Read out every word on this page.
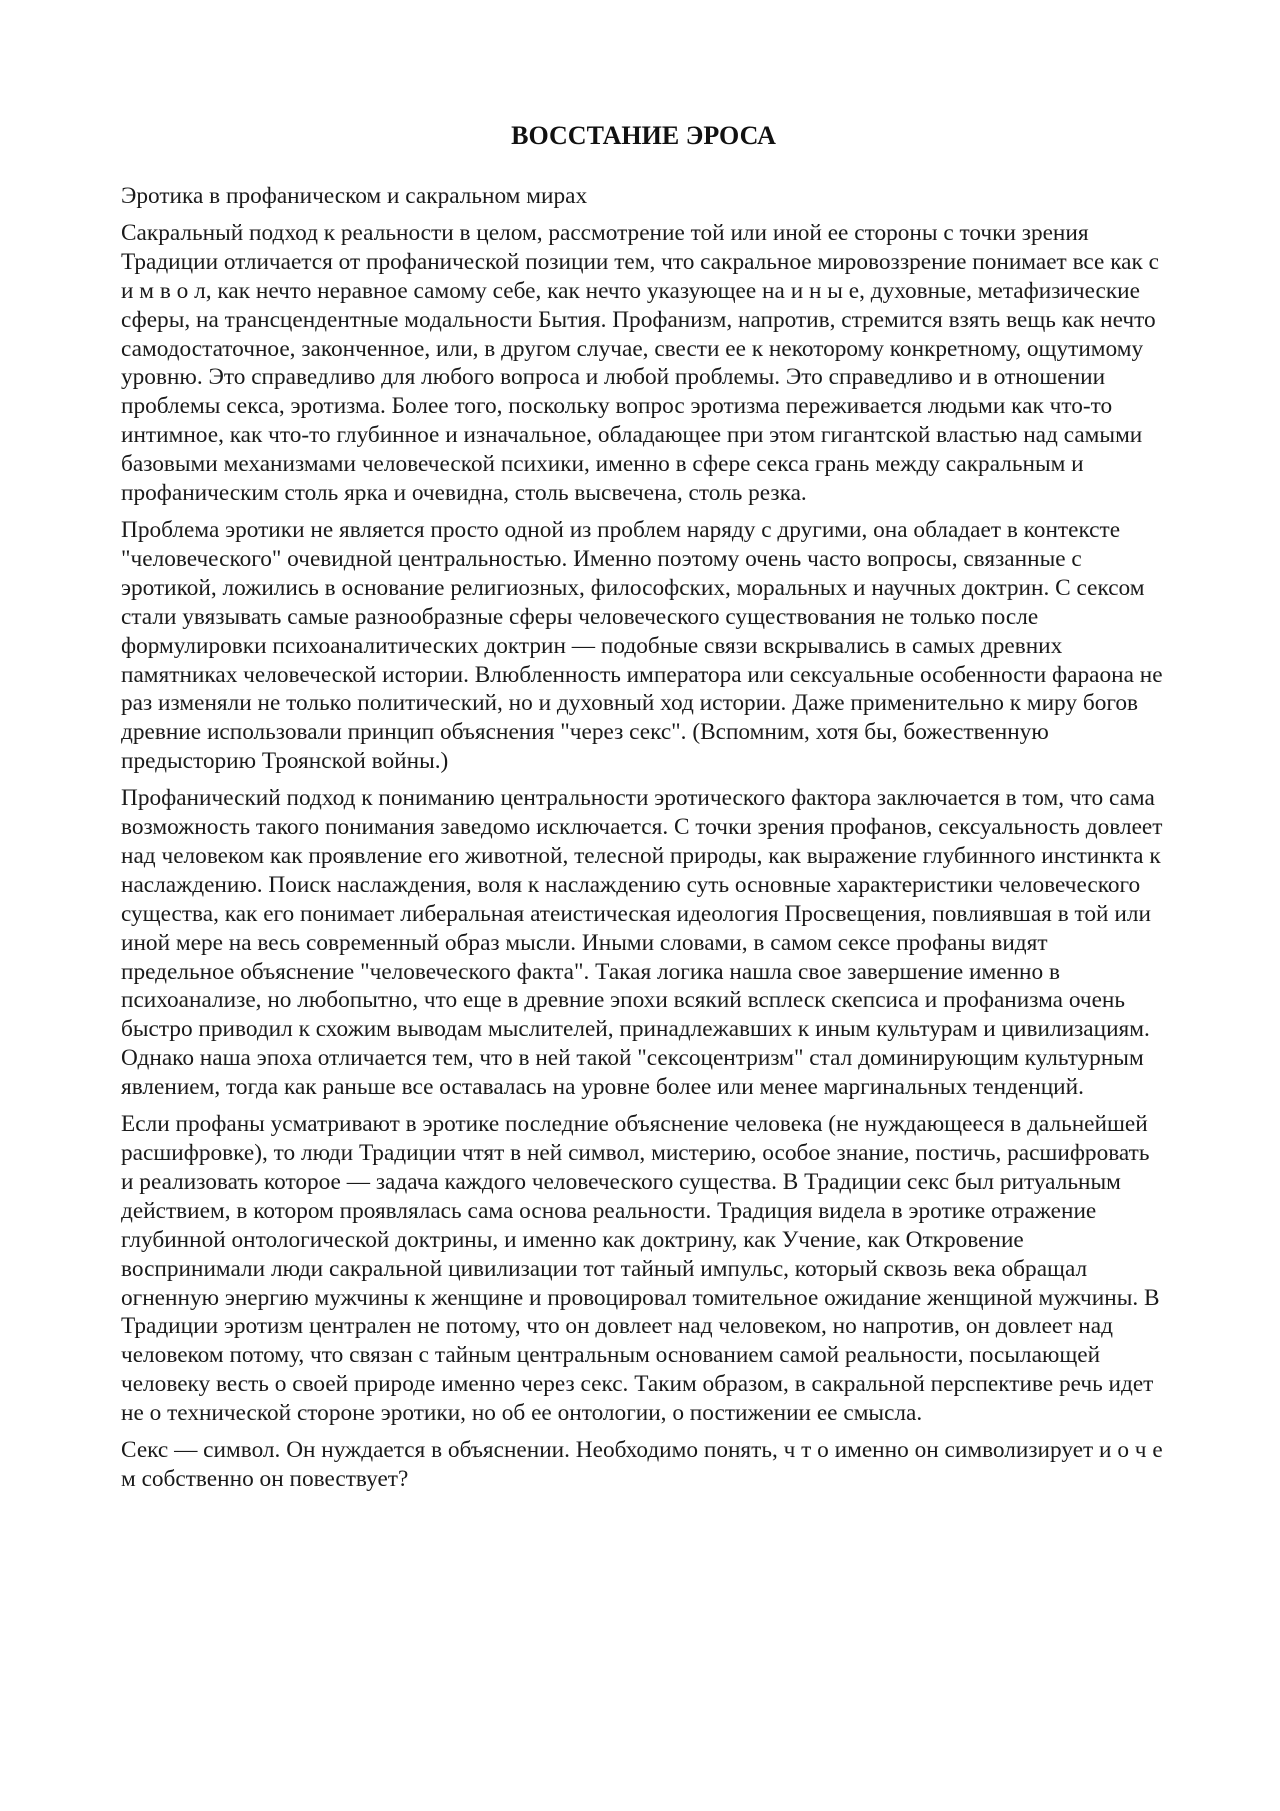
ВОССТАНИЕ ЭРОСА
Эротика в профаническом и сакральном мирах

Сакральный подход к реальности в целом, рассмотрение той или иной ее стороны с точки зрения Традиции отличается от профанической позиции тем, что сакральное мировоззрение понимает все как с и м в о л, как нечто неравное самому себе, как нечто указующее на и н ы е, духовные, метафизические сферы, на трансцендентные модальности Бытия. Профанизм, напротив, стремится взять вещь как нечто самодостаточное, законченное, или, в другом случае, свести ее к некоторому конкретному, ощутимому уровню. Это справедливо для любого вопроса и любой проблемы. Это справедливо и в отношении проблемы секса, эротизма. Более того, поскольку вопрос эротизма переживается людьми как что-то интимное, как что-то глубинное и изначальное, обладающее при этом гигантской властью над самыми базовыми механизмами человеческой психики, именно в сфере секса грань между сакральным и профаническим столь ярка и очевидна, столь высвечена, столь резка.

Проблема эротики не является просто одной из проблем наряду с другими, она обладает в контексте "человеческого" очевидной центральностью. Именно поэтому очень часто вопросы, связанные с эротикой, ложились в основание религиозных, философских, моральных и научных доктрин. С сексом стали увязывать самые разнообразные сферы человеческого существования не только после формулировки психоаналитических доктрин — подобные связи вскрывались в самых древних памятниках человеческой истории. Влюбленность императора или сексуальные особенности фараона не раз изменяли не только политический, но и духовный ход истории. Даже применительно к миру богов древние использовали принцип объяснения "через секс". (Вспомним, хотя бы, божественную предысторию Троянской войны.)

Профанический подход к пониманию центральности эротического фактора заключается в том, что сама возможность такого понимания заведомо исключается. С точки зрения профанов, сексуальность довлеет над человеком как проявление его животной, телесной природы, как выражение глубинного инстинкта к наслаждению. Поиск наслаждения, воля к наслаждению суть основные характеристики человеческого существа, как его понимает либеральная атеистическая идеология Просвещения, повлиявшая в той или иной мере на весь современный образ мысли. Иными словами, в самом сексе профаны видят предельное объяснение "человеческого факта". Такая логика нашла свое завершение именно в психоанализе, но любопытно, что еще в древние эпохи всякий всплеск скепсиса и профанизма очень быстро приводил к схожим выводам мыслителей, принадлежавших к иным культурам и цивилизациям. Однако наша эпоха отличается тем, что в ней такой "сексоцентризм" стал доминирующим культурным явлением, тогда как раньше все оставалась на уровне более или менее маргинальных тенденций.

Если профаны усматривают в эротике последние объяснение человека (не нуждающееся в дальнейшей расшифровке), то люди Традиции чтят в ней символ, мистерию, особое знание, постичь, расшифровать и реализовать которое — задача каждого человеческого существа. В Традиции секс был ритуальным действием, в котором проявлялась сама основа реальности. Традиция видела в эротике отражение глубинной онтологической доктрины, и именно как доктрину, как Учение, как Откровение воспринимали люди сакральной цивилизации тот тайный импульс, который сквозь века обращал огненную энергию мужчины к женщине и провоцировал томительное ожидание женщиной мужчины. В Традиции эротизм централен не потому, что он довлеет над человеком, но напротив, он довлеет над человеком потому, что связан с тайным центральным основанием самой реальности, посылающей человеку весть о своей природе именно через секс. Таким образом, в сакральной перспективе речь идет не о технической стороне эротики, но об ее онтологии, о постижении ее смысла.

Секс — символ. Он нуждается в объяснении. Необходимо понять, ч т о именно он символизирует и о ч е м собственно он повествует?
